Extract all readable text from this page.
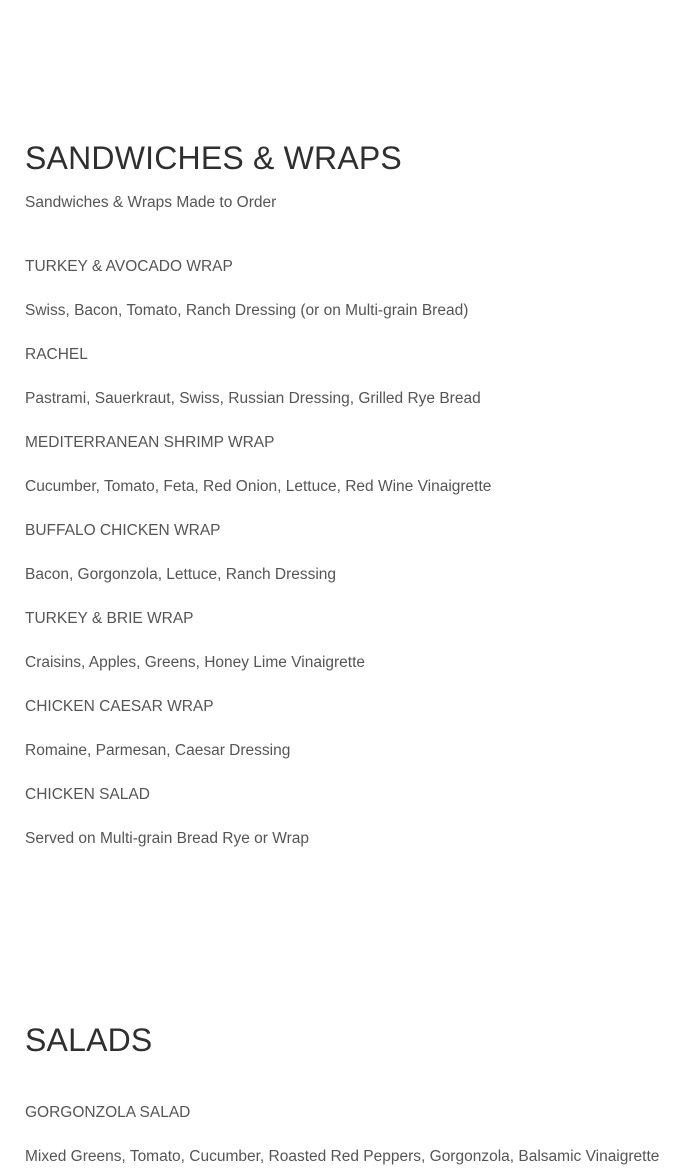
SANDWICHES & WRAPS

Sandwiches & Wraps Made to Order

TURKEY & AVOCADO WRAP
Swiss, Bacon, Tomato, Ranch Dressing (or on Multi-grain Bread)
RACHEL
Pastrami, Sauerkraut, Swiss, Russian Dressing, Grilled Rye Bread
MEDITERRANEAN SHRIMP WRAP
Cucumber, Tomato, Feta, Red Onion, Lettuce, Red Wine Vinaigrette
BUFFALO CHICKEN WRAP
Bacon, Gorgonzola, Lettuce, Ranch Dressing
TURKEY & BRIE WRAP
Craisins, Apples, Greens, Honey Lime Vinaigrette
CHICKEN CAESAR WRAP
Romaine, Parmesan, Caesar Dressing
CHICKEN SALAD
Served on Multi-grain Bread Rye or Wrap
SALADS
GORGONZOLA SALAD
Mixed Greens, Tomato, Cucumber, Roasted Red Peppers, Gorgonzola, Balsamic Vinaigrette
